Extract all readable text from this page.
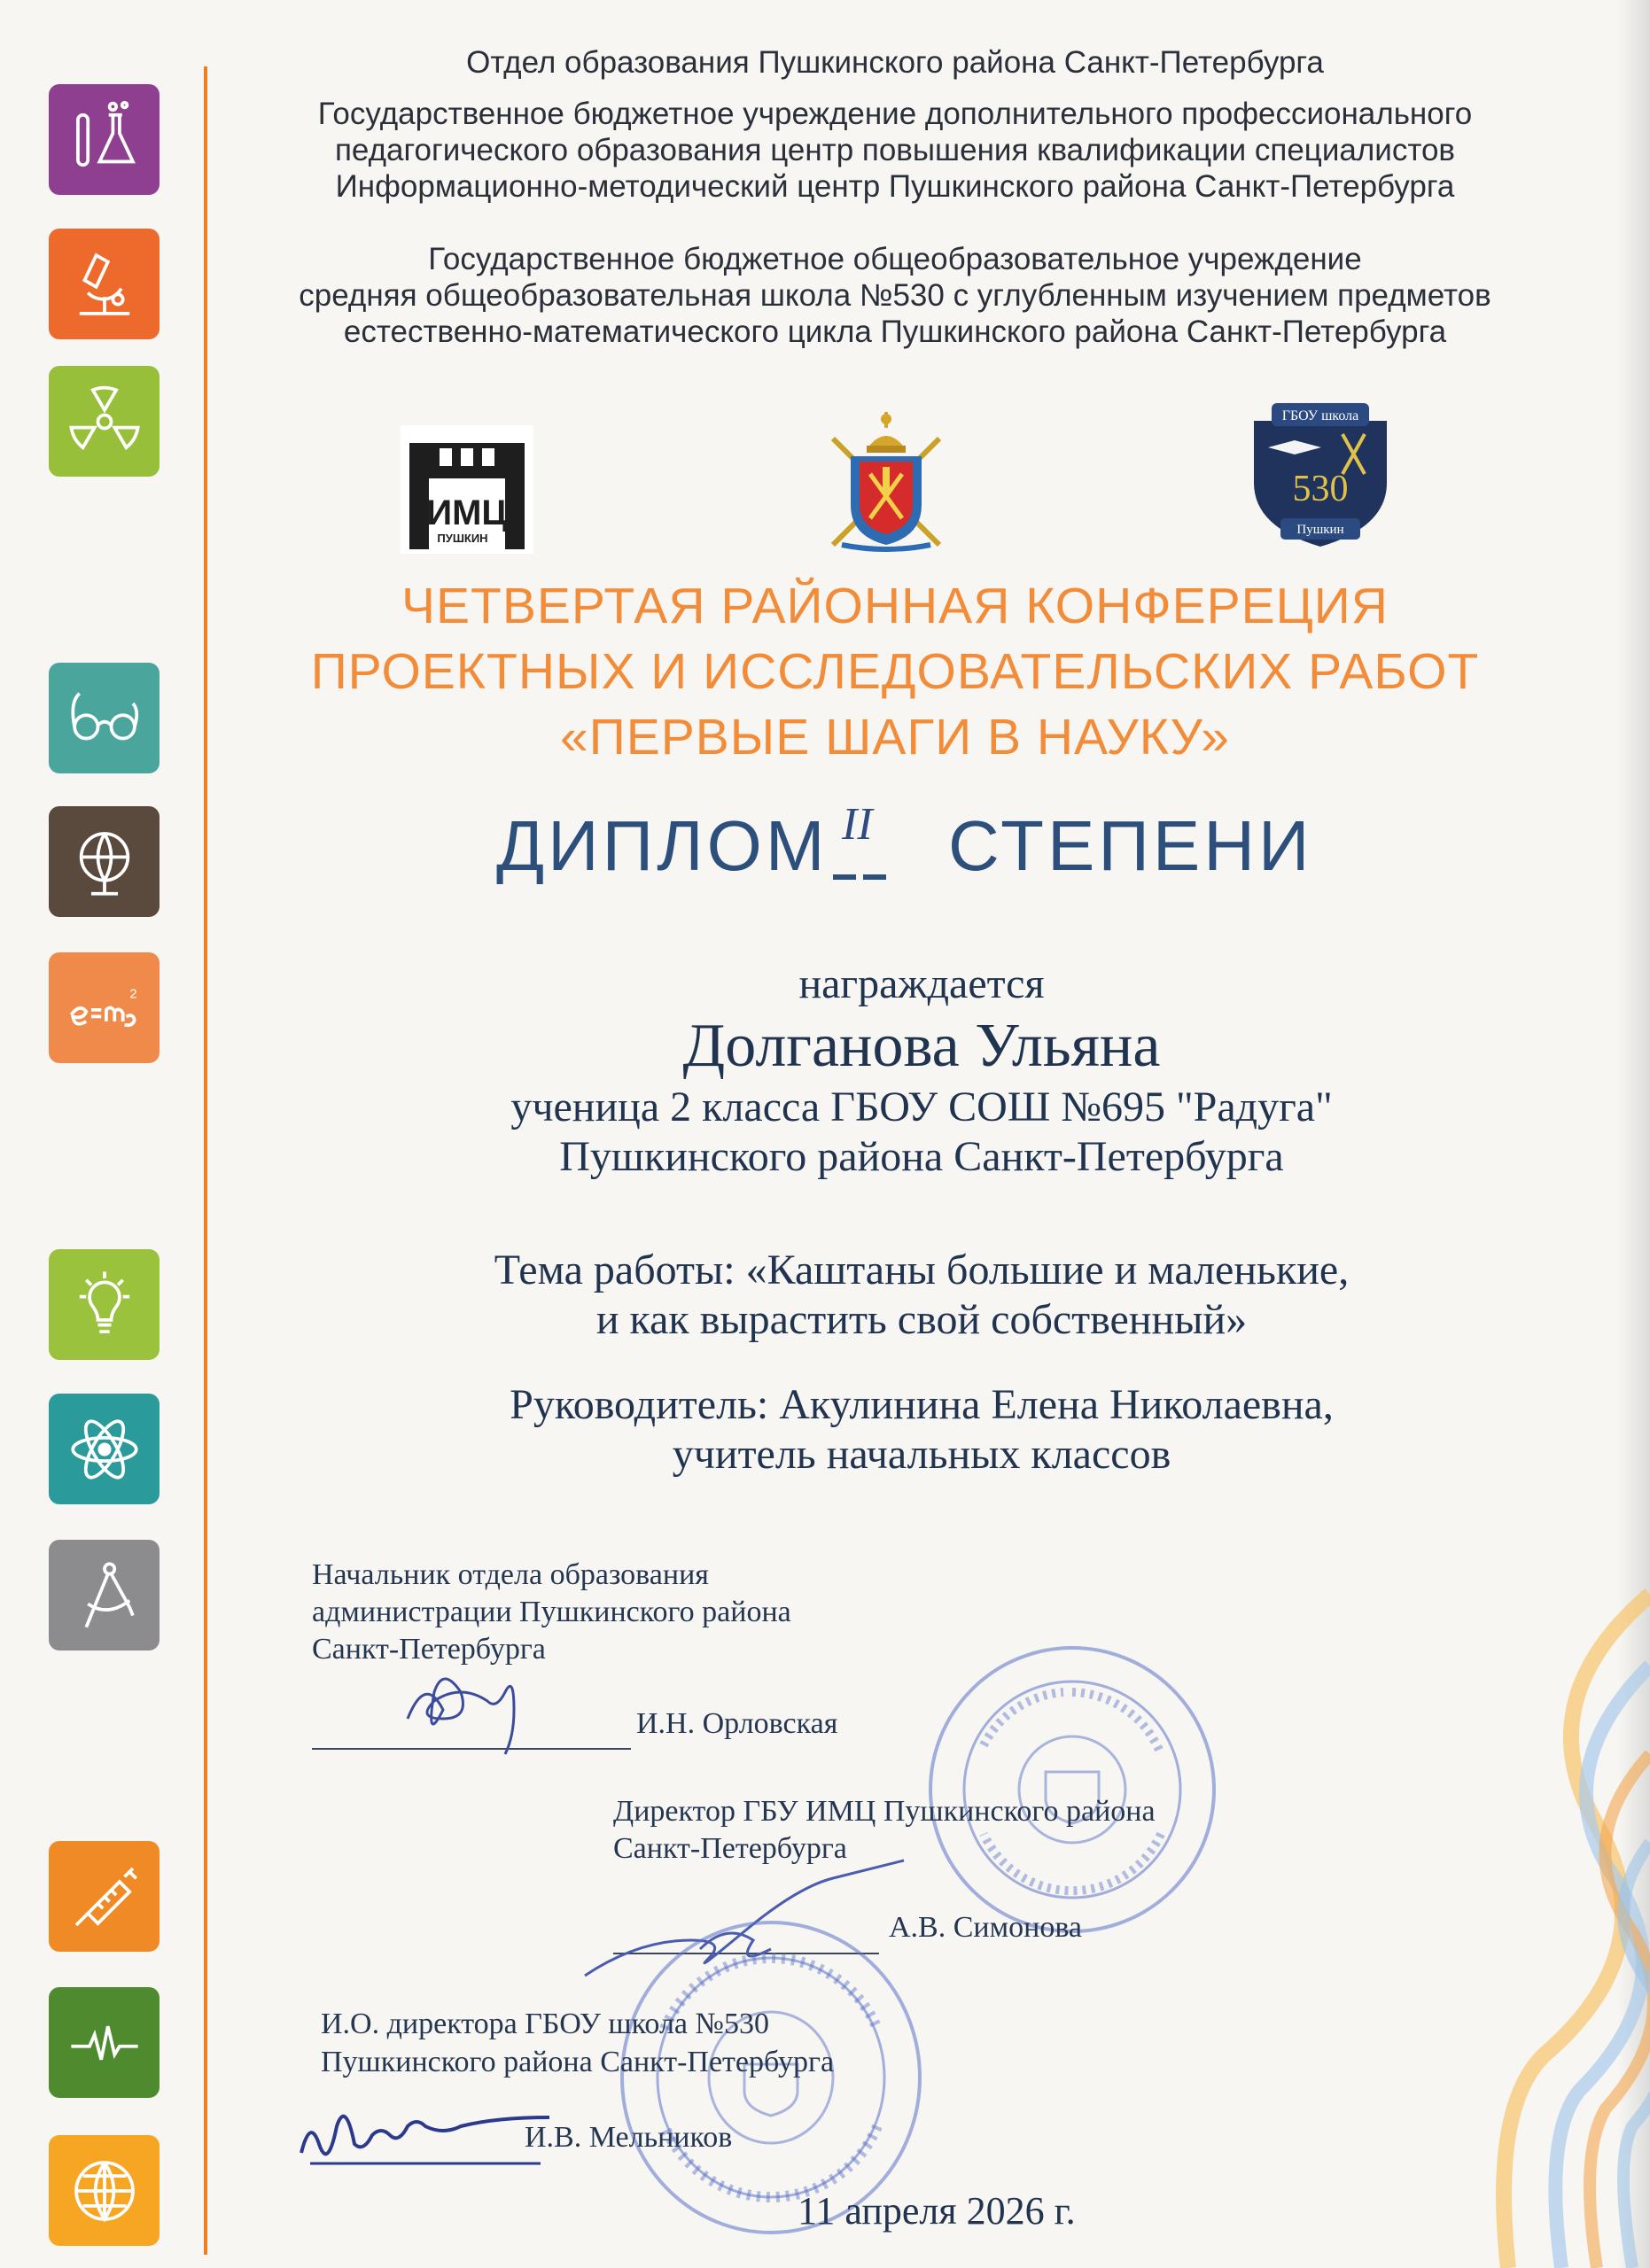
2

Отдел образования Пушкинского района Санкт-Петербурга

Государственное бюджетное учреждение дополнительного профессионального

педагогического образования центр повышения квалификации специалистов

Информационно-методический центр Пушкинского района Санкт-Петербурга

Государственное бюджетное общеобразовательное учреждение

средняя общеобразовательная школа №530 с углубленным изучением предметов

естественно-математического цикла Пушкинского района Санкт-Петербурга

ИМЦ
ПУШКИН
ГБОУ школа
530
Пушкин
ЧЕТВЕРТАЯ РАЙОННАЯ КОНФЕРЕЦИЯ
ПРОЕКТНЫХ И ИССЛЕДОВАТЕЛЬСКИХ РАБОТ
«ПЕРВЫЕ ШАГИ В НАУКУ»
ДИПЛОМ II СТЕПЕНИ
награждается
Долганова Ульяна
ученица 2 класса ГБОУ СОШ №695 "Радуга"
Пушкинского района Санкт-Петербурга
Тема работы: «Каштаны большие и маленькие,
и как вырастить свой собственный»
Руководитель: Акулинина Елена Николаевна,
учитель начальных классов
Начальник отдела образования
администрации Пушкинского района
Санкт-Петербурга
И.Н. Орловская
Директор ГБУ ИМЦ Пушкинского района
Санкт-Петербурга
А.В. Симонова
И.О. директора ГБОУ школа №530
Пушкинского района Санкт-Петербурга
И.В. Мельников
11 апреля 2026 г.
